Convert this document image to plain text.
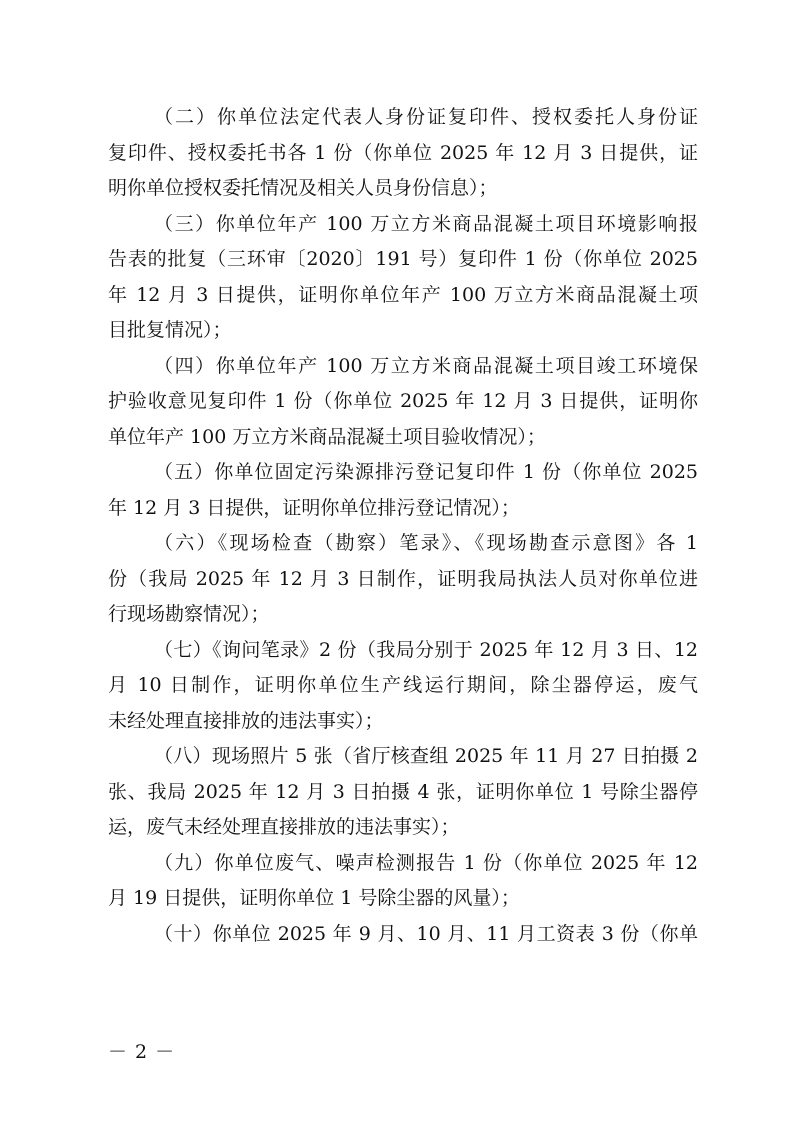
（二）你单位法定代表人身份证复印件、授权委托人身份证
复印件、授权委托书各 1 份（你单位 2025 年 12 月 3 日提供，证
明你单位授权委托情况及相关人员身份信息）；
（三）你单位年产 100 万立方米商品混凝土项目环境影响报
告表的批复（三环审〔2020〕191 号）复印件 1 份（你单位 2025
年 12 月 3 日提供，证明你单位年产 100 万立方米商品混凝土项
目批复情况）；
（四）你单位年产 100 万立方米商品混凝土项目竣工环境保
护验收意见复印件 1 份（你单位 2025 年 12 月 3 日提供，证明你
单位年产 100 万立方米商品混凝土项目验收情况）；
（五）你单位固定污染源排污登记复印件 1 份（你单位 2025
年 12 月 3 日提供，证明你单位排污登记情况）；
（六）《现场检查（勘察）笔录》、《现场勘查示意图》各 1
份（我局 2025 年 12 月 3 日制作，证明我局执法人员对你单位进
行现场勘察情况）；
（七）《询问笔录》2 份（我局分别于 2025 年 12 月 3 日、12
月 10 日制作，证明你单位生产线运行期间，除尘器停运，废气
未经处理直接排放的违法事实）；
（八）现场照片 5 张（省厅核查组 2025 年 11 月 27 日拍摄 2
张、我局 2025 年 12 月 3 日拍摄 4 张，证明你单位 1 号除尘器停
运，废气未经处理直接排放的违法事实）；
（九）你单位废气、噪声检测报告 1 份（你单位 2025 年 12
月 19 日提供，证明你单位 1 号除尘器的风量）；
（十）你单位 2025 年 9 月、10 月、11 月工资表 3 份（你单
－ 2 －
